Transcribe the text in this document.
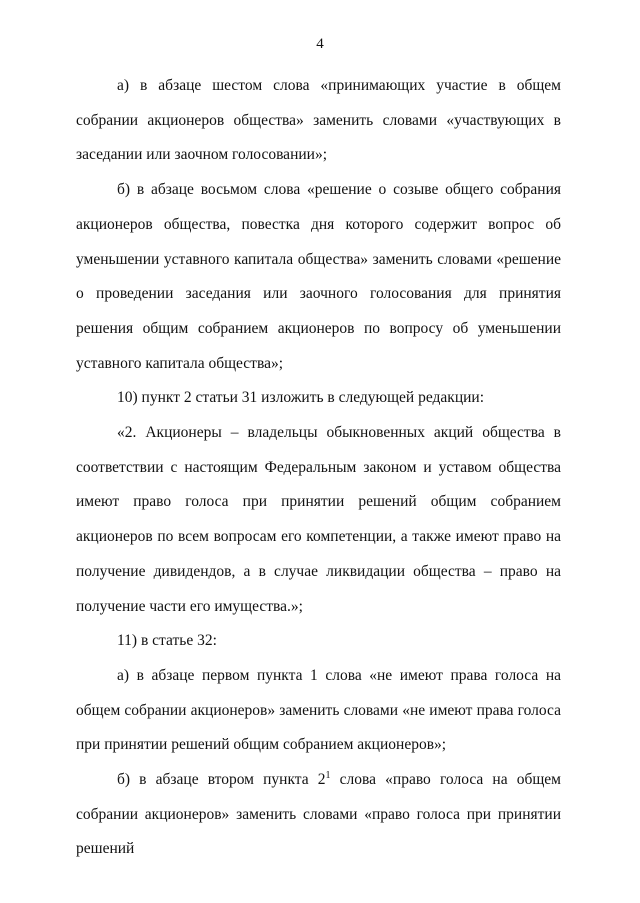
4

а) в абзаце шестом слова «принимающих участие в общем собрании акционеров общества» заменить словами «участвующих в заседании или заочном голосовании»;

б) в абзаце восьмом слова «решение о созыве общего собрания акционеров общества, повестка дня которого содержит вопрос об уменьшении уставного капитала общества» заменить словами «решение о проведении заседания или заочного голосования для принятия решения общим собранием акционеров по вопросу об уменьшении уставного капитала общества»;

10) пункт 2 статьи 31 изложить в следующей редакции:

«2. Акционеры – владельцы обыкновенных акций общества в соответствии с настоящим Федеральным законом и уставом общества имеют право голоса при принятии решений общим собранием акционеров по всем вопросам его компетенции, а также имеют право на получение дивидендов, а в случае ликвидации общества – право на получение части его имущества.»;

11) в статье 32:

а) в абзаце первом пункта 1 слова «не имеют права голоса на общем собрании акционеров» заменить словами «не имеют права голоса при принятии решений общим собранием акционеров»;

б) в абзаце втором пункта $2^1$ слова «право голоса на общем собрании акционеров» заменить словами «право голоса при принятии решений
